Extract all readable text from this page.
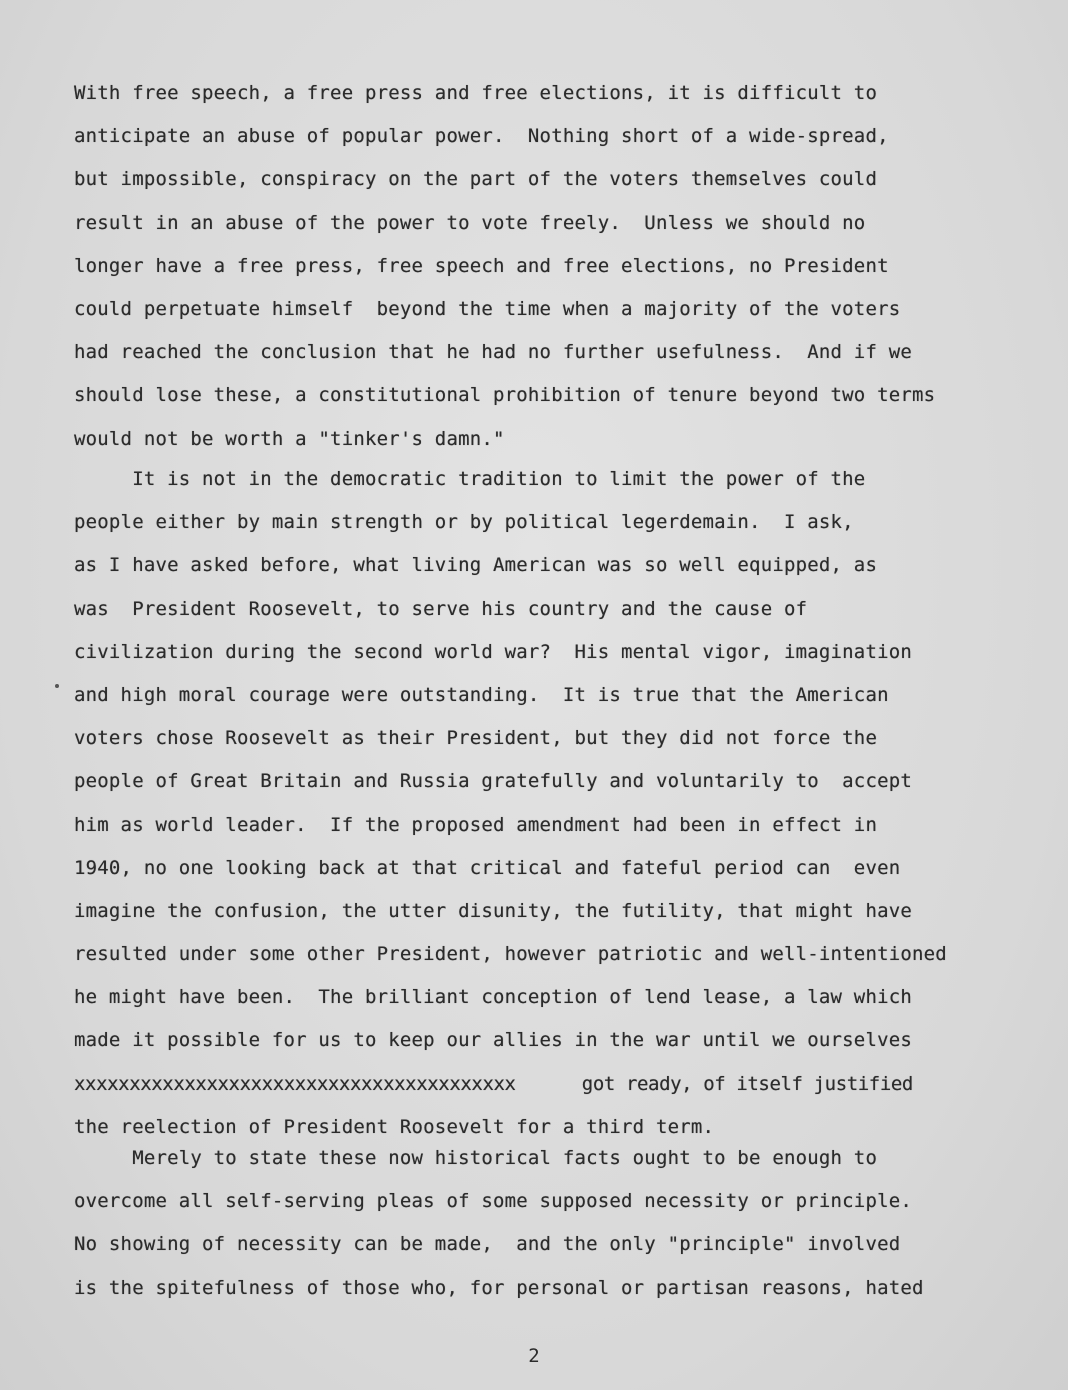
With free speech, a free press and free elections, it is difficult to
anticipate an abuse of popular power.  Nothing short of a wide-spread,
but impossible, conspiracy on the part of the voters themselves could
result in an abuse of the power to vote freely.  Unless we should no
longer have a free press, free speech and free elections, no President
could perpetuate himself  beyond the time when a majority of the voters
had reached the conclusion that he had no further usefulness.  And if we
should lose these, a constitutional prohibition of tenure beyond two terms
would not be worth a "tinker's damn."
It is not in the democratic tradition to limit the power of the
people either by main strength or by political legerdemain.  I ask,
as I have asked before, what living American was so well equipped, as
was  President Roosevelt, to serve his country and the cause of
civilization during the second world war?  His mental vigor, imagination
and high moral courage were outstanding.  It is true that the American
voters chose Roosevelt as their President, but they did not force the
people of Great Britain and Russia gratefully and voluntarily to  accept
him as world leader.  If the proposed amendment had been in effect in
1940, no one looking back at that critical and fateful period can  even
imagine the confusion, the utter disunity, the futility, that might have
resulted under some other President, however patriotic and well-intentioned
he might have been.  The brilliant conception of lend lease, a law which
made it possible for us to keep our allies in the war until we ourselves
xxxxxxxxxxxxxxxxxxxxxxxxxxxxxxxxxxxxxxxx      got ready, of itself justified
the reelection of President Roosevelt for a third term.
Merely to state these now historical facts ought to be enough to
overcome all self-serving pleas of some supposed necessity or principle.
No showing of necessity can be made,  and the only "principle" involved
is the spitefulness of those who, for personal or partisan reasons, hated
2
